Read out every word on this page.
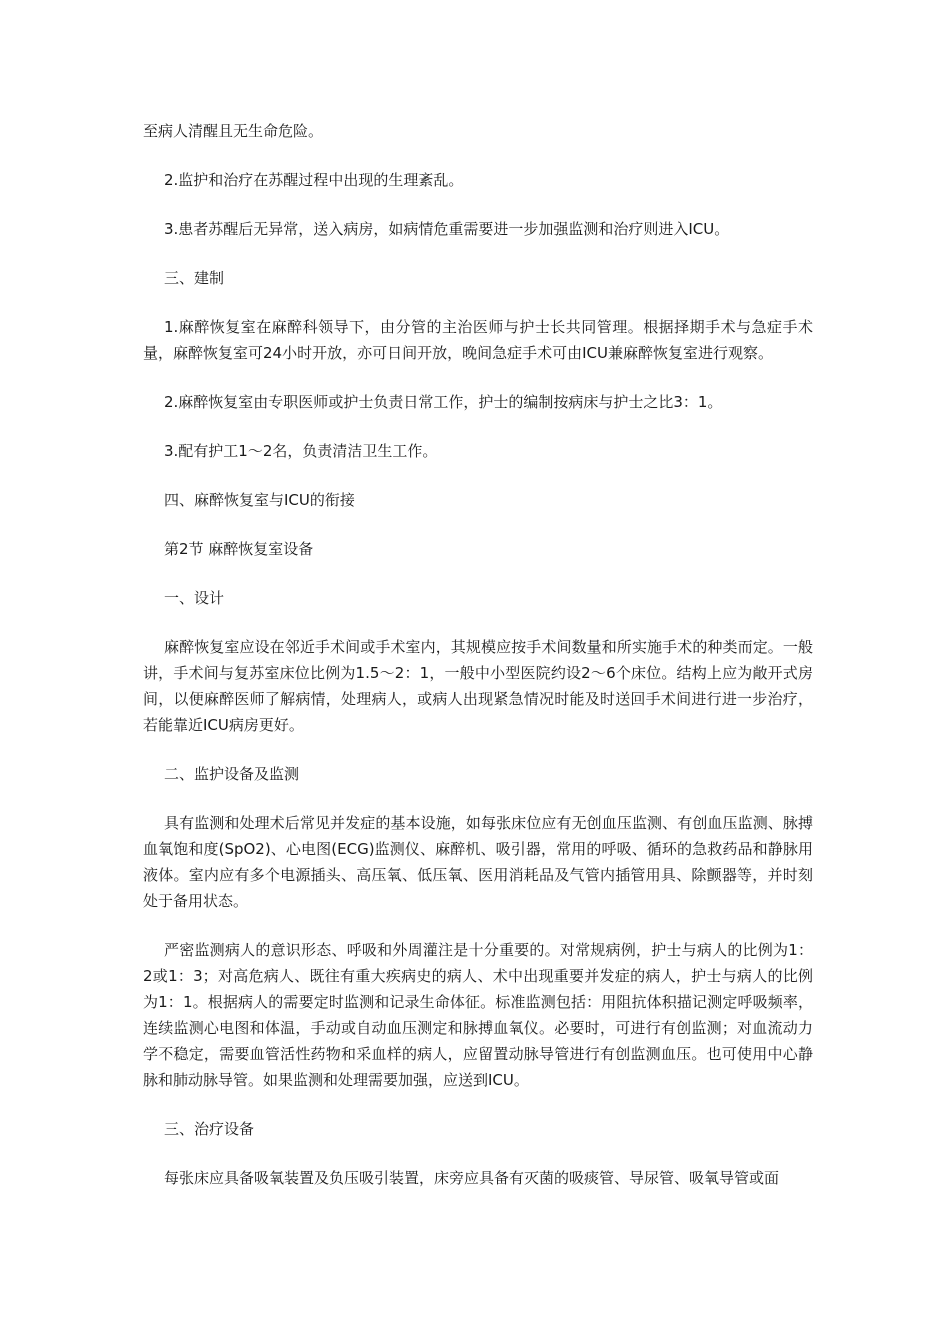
至病人清醒且无生命危险。

2.监护和治疗在苏醒过程中出现的生理紊乱。

3.患者苏醒后无异常，送入病房，如病情危重需要进一步加强监测和治疗则进入ICU。

三、建制

1.麻醉恢复室在麻醉科领导下，由分管的主治医师与护士长共同管理。根据择期手术与急症手术量，麻醉恢复室可24小时开放，亦可日间开放，晚间急症手术可由ICU兼麻醉恢复室进行观察。

2.麻醉恢复室由专职医师或护士负责日常工作，护士的编制按病床与护士之比3：1。

3.配有护工1～2名，负责清洁卫生工作。

四、麻醉恢复室与ICU的衔接

第2节 麻醉恢复室设备

一、设计

麻醉恢复室应设在邻近手术间或手术室内，其规模应按手术间数量和所实施手术的种类而定。一般讲，手术间与复苏室床位比例为1.5～2：1，一般中小型医院约设2～6个床位。结构上应为敞开式房间，以便麻醉医师了解病情，处理病人，或病人出现紧急情况时能及时送回手术间进行进一步治疗，若能靠近ICU病房更好。

二、监护设备及监测

具有监测和处理术后常见并发症的基本设施，如每张床位应有无创血压监测、有创血压监测、脉搏血氧饱和度(SpO2)、心电图(ECG)监测仪、麻醉机、吸引器，常用的呼吸、循环的急救药品和静脉用液体。室内应有多个电源插头、高压氧、低压氧、医用消耗品及气管内插管用具、除颤器等，并时刻处于备用状态。

严密监测病人的意识形态、呼吸和外周灌注是十分重要的。对常规病例，护士与病人的比例为1：2或1：3；对高危病人、既往有重大疾病史的病人、术中出现重要并发症的病人，护士与病人的比例为1：1。根据病人的需要定时监测和记录生命体征。标准监测包括：用阻抗体积描记测定呼吸频率，连续监测心电图和体温，手动或自动血压测定和脉搏血氧仪。必要时，可进行有创监测；对血流动力学不稳定，需要血管活性药物和采血样的病人，应留置动脉导管进行有创监测血压。也可使用中心静脉和肺动脉导管。如果监测和处理需要加强，应送到ICU。

三、治疗设备

每张床应具备吸氧装置及负压吸引装置，床旁应具备有灭菌的吸痰管、导尿管、吸氧导管或面
